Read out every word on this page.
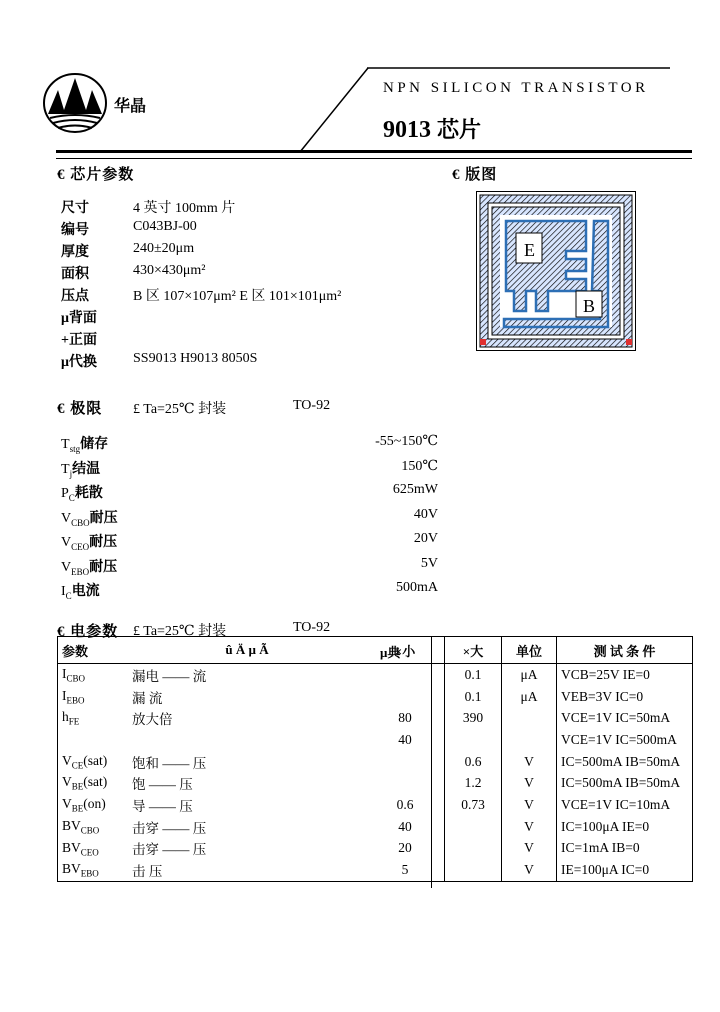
华晶
NPN SILICON TRANSISTOR
9013 芯片
€ 芯片参数	€ 版图
尺寸	4 英寸 100mm 片
编号	C043BJ-00
厚度	240±20μm
面积	430×430μm²
压点	B 区 107×107μm² E 区 101×101μm²
μ背面
+正面
μ代换	SS9013 H9013 8050S
E
B
€ 极限 £ Ta=25℃ 封装	TO-92
$T_{stg}$储存	-55~150℃
$T_j$结温	150℃
$P_C$耗散	625mW
$V_{CBO}$耐压	40V
$V_{CEO}$耐压	20V
$V_{EBO}$耐压	5V
$I_C$电流	500mA
€ 电参数 £ Ta=25℃ 封装	TO-92
参数	û Ä µ Ã	×小	×大	单位	测 试 条 件
$I_{CBO}$	漏电 —— 流		0.1	μA	VCB=25V IE=0
$I_{EBO}$	漏 流		0.1	μA	VEB=3V IC=0
$h_{FE}$	放大倍	80	390		VCE=1V IC=50mA
		40			VCE=1V IC=500mA
$V_{CE}(sat)$	饱和 —— 压		0.6	V	IC=500mA IB=50mA
$V_{BE}(sat)$	饱 —— 压		1.2	V	IC=500mA IB=50mA
$V_{BE}(on)$	导 —— 压	0.6	0.73	V	VCE=1V IC=10mA
$BV_{CBO}$	击穿 —— 压	40		V	IC=100μA IE=0
$BV_{CEO}$	击穿 —— 压	20		V	IC=1mA IB=0
$BV_{EBO}$	击 压	5		V	IE=100μA IC=0
μ典
